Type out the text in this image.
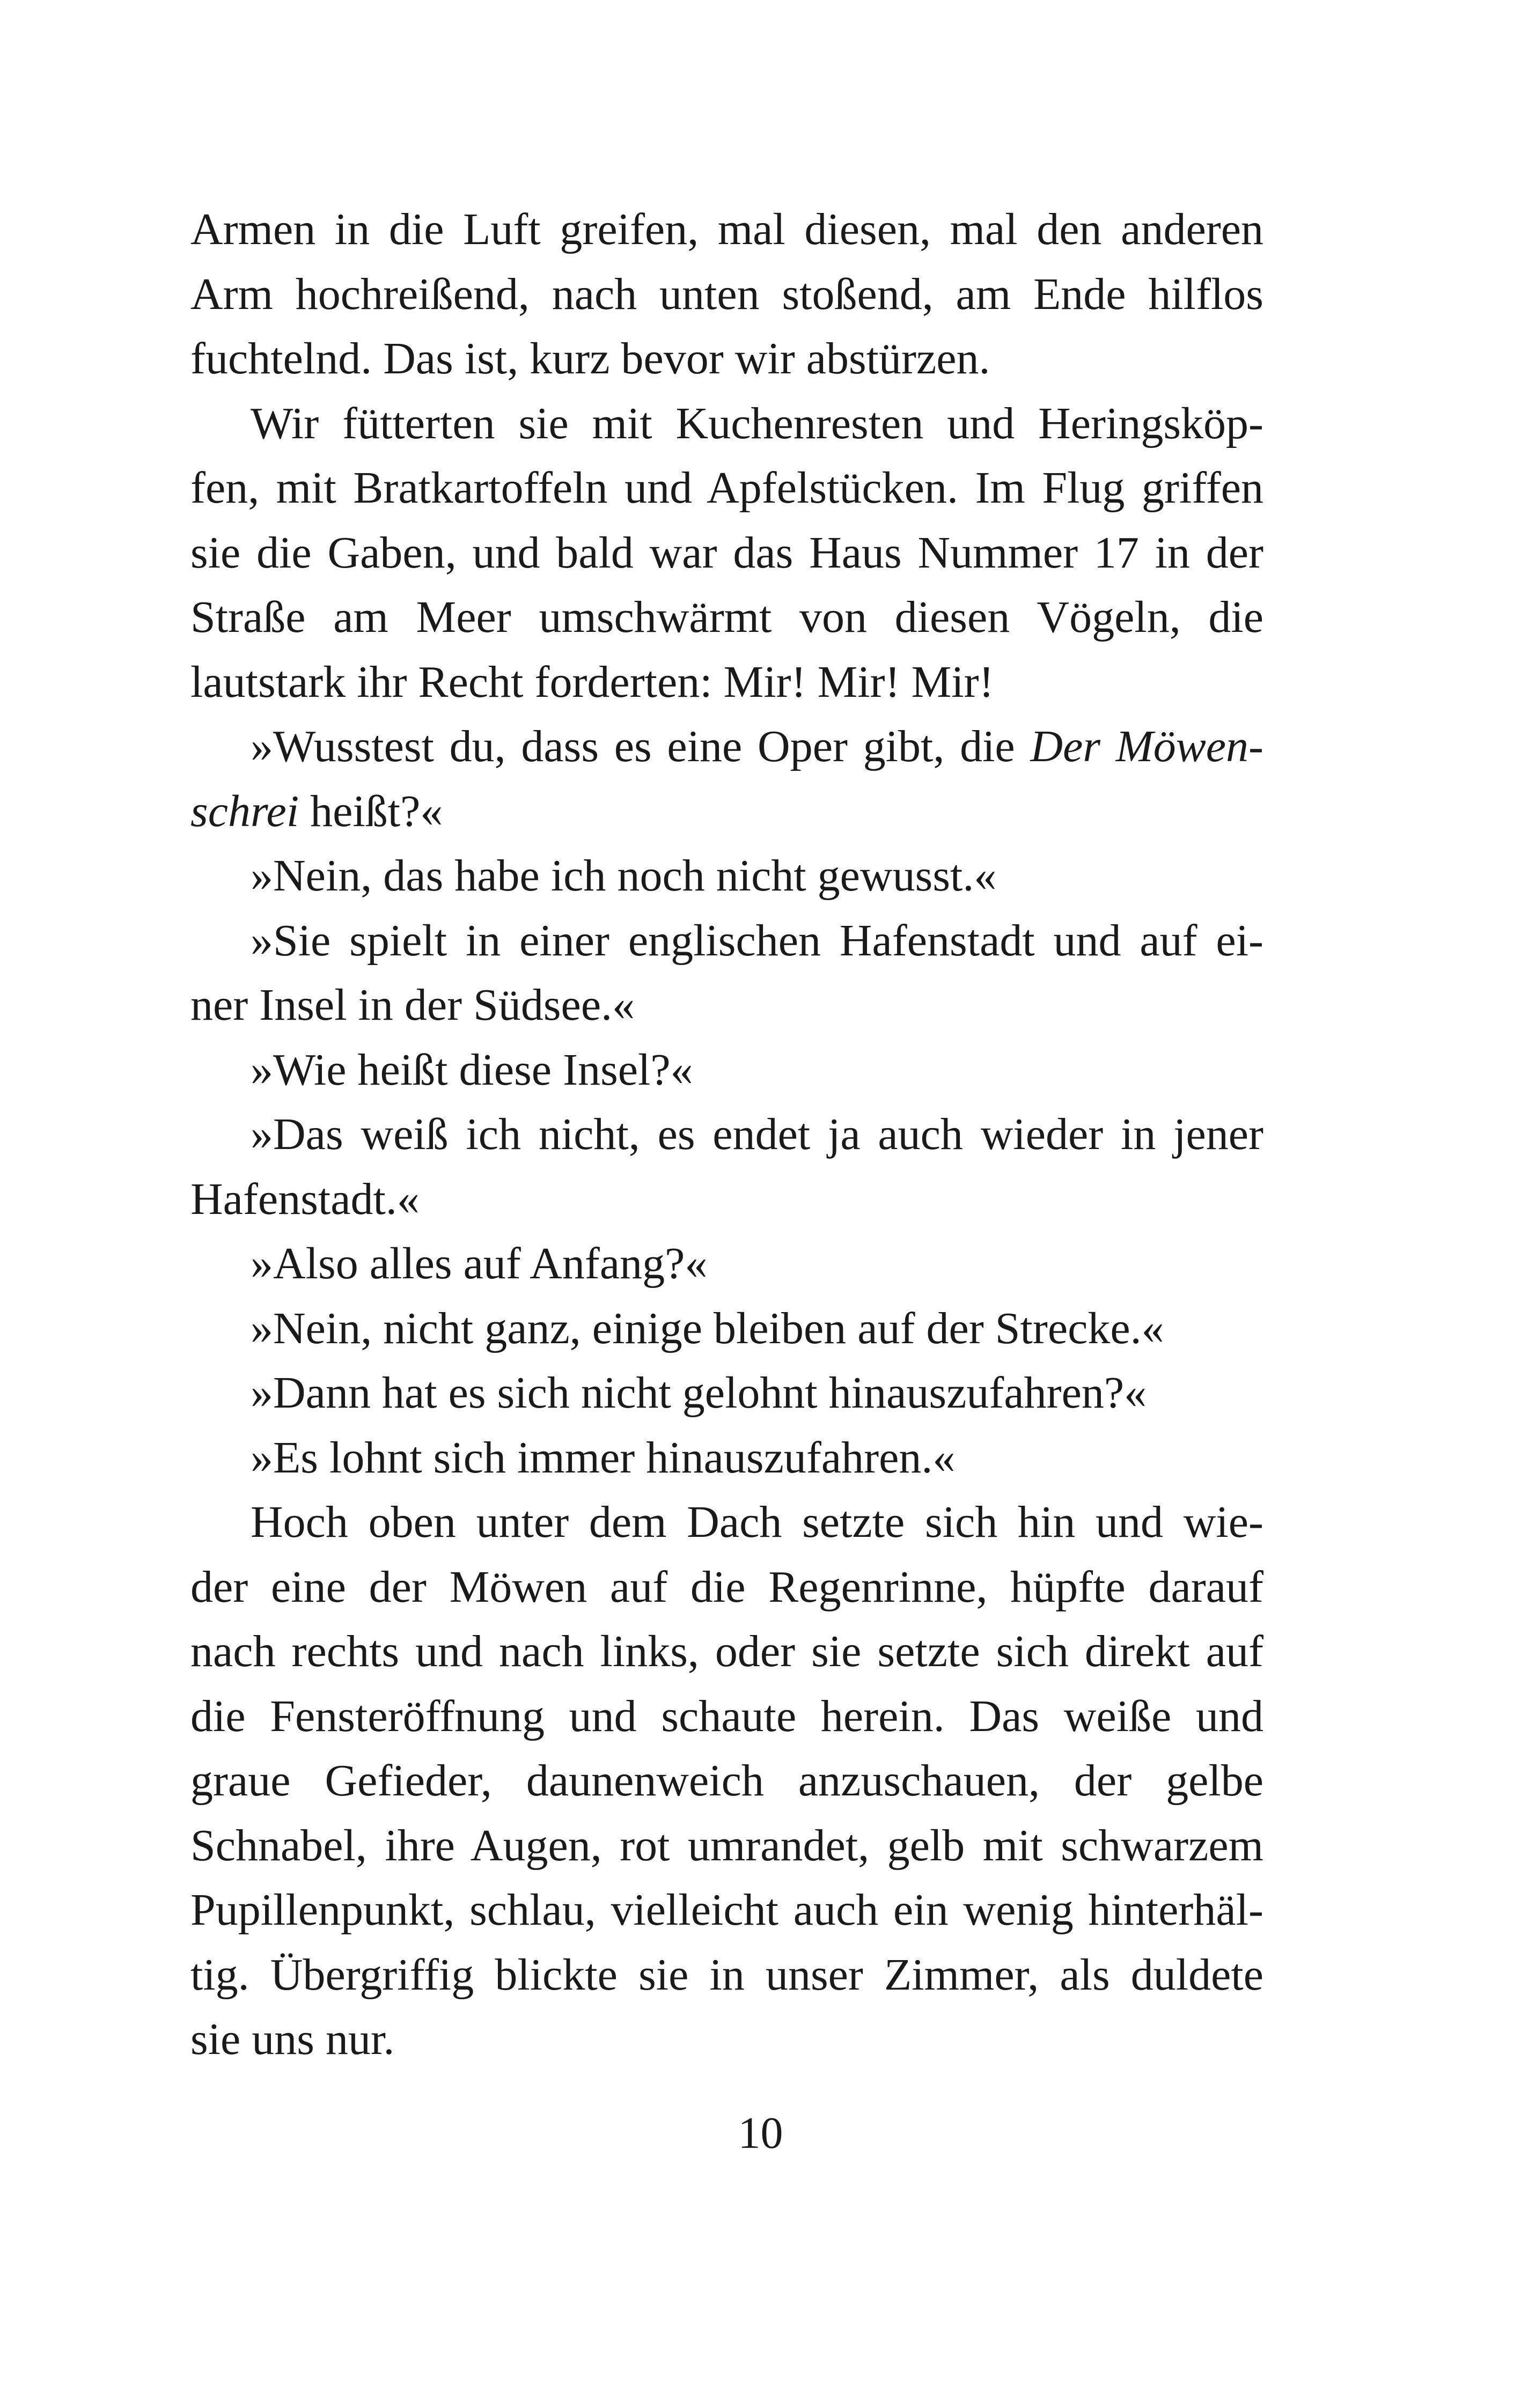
Armen in die Luft greifen, mal diesen, mal den anderen
Arm hochreißend, nach unten stoßend, am Ende hilflos
fuchtelnd. Das ist, kurz bevor wir abstürzen.
Wir fütterten sie mit Kuchenresten und Heringsköp-
fen, mit Bratkartoffeln und Apfelstücken. Im Flug griffen
sie die Gaben, und bald war das Haus Nummer 17 in der
Straße am Meer umschwärmt von diesen Vögeln, die
lautstark ihr Recht forderten: Mir! Mir! Mir!
»Wusstest du, dass es eine Oper gibt, die Der Möwen-
schrei heißt?«
»Nein, das habe ich noch nicht gewusst.«
»Sie spielt in einer englischen Hafenstadt und auf ei-
ner Insel in der Südsee.«
»Wie heißt diese Insel?«
»Das weiß ich nicht, es endet ja auch wieder in jener
Hafenstadt.«
»Also alles auf Anfang?«
»Nein, nicht ganz, einige bleiben auf der Strecke.«
»Dann hat es sich nicht gelohnt hinauszufahren?«
»Es lohnt sich immer hinauszufahren.«
Hoch oben unter dem Dach setzte sich hin und wie-
der eine der Möwen auf die Regenrinne, hüpfte darauf
nach rechts und nach links, oder sie setzte sich direkt auf
die Fensteröffnung und schaute herein. Das weiße und
graue Gefieder, daunenweich anzuschauen, der gelbe
Schnabel, ihre Augen, rot umrandet, gelb mit schwarzem
Pupillenpunkt, schlau, vielleicht auch ein wenig hinterhäl-
tig. Übergriffig blickte sie in unser Zimmer, als duldete
sie uns nur.
10
